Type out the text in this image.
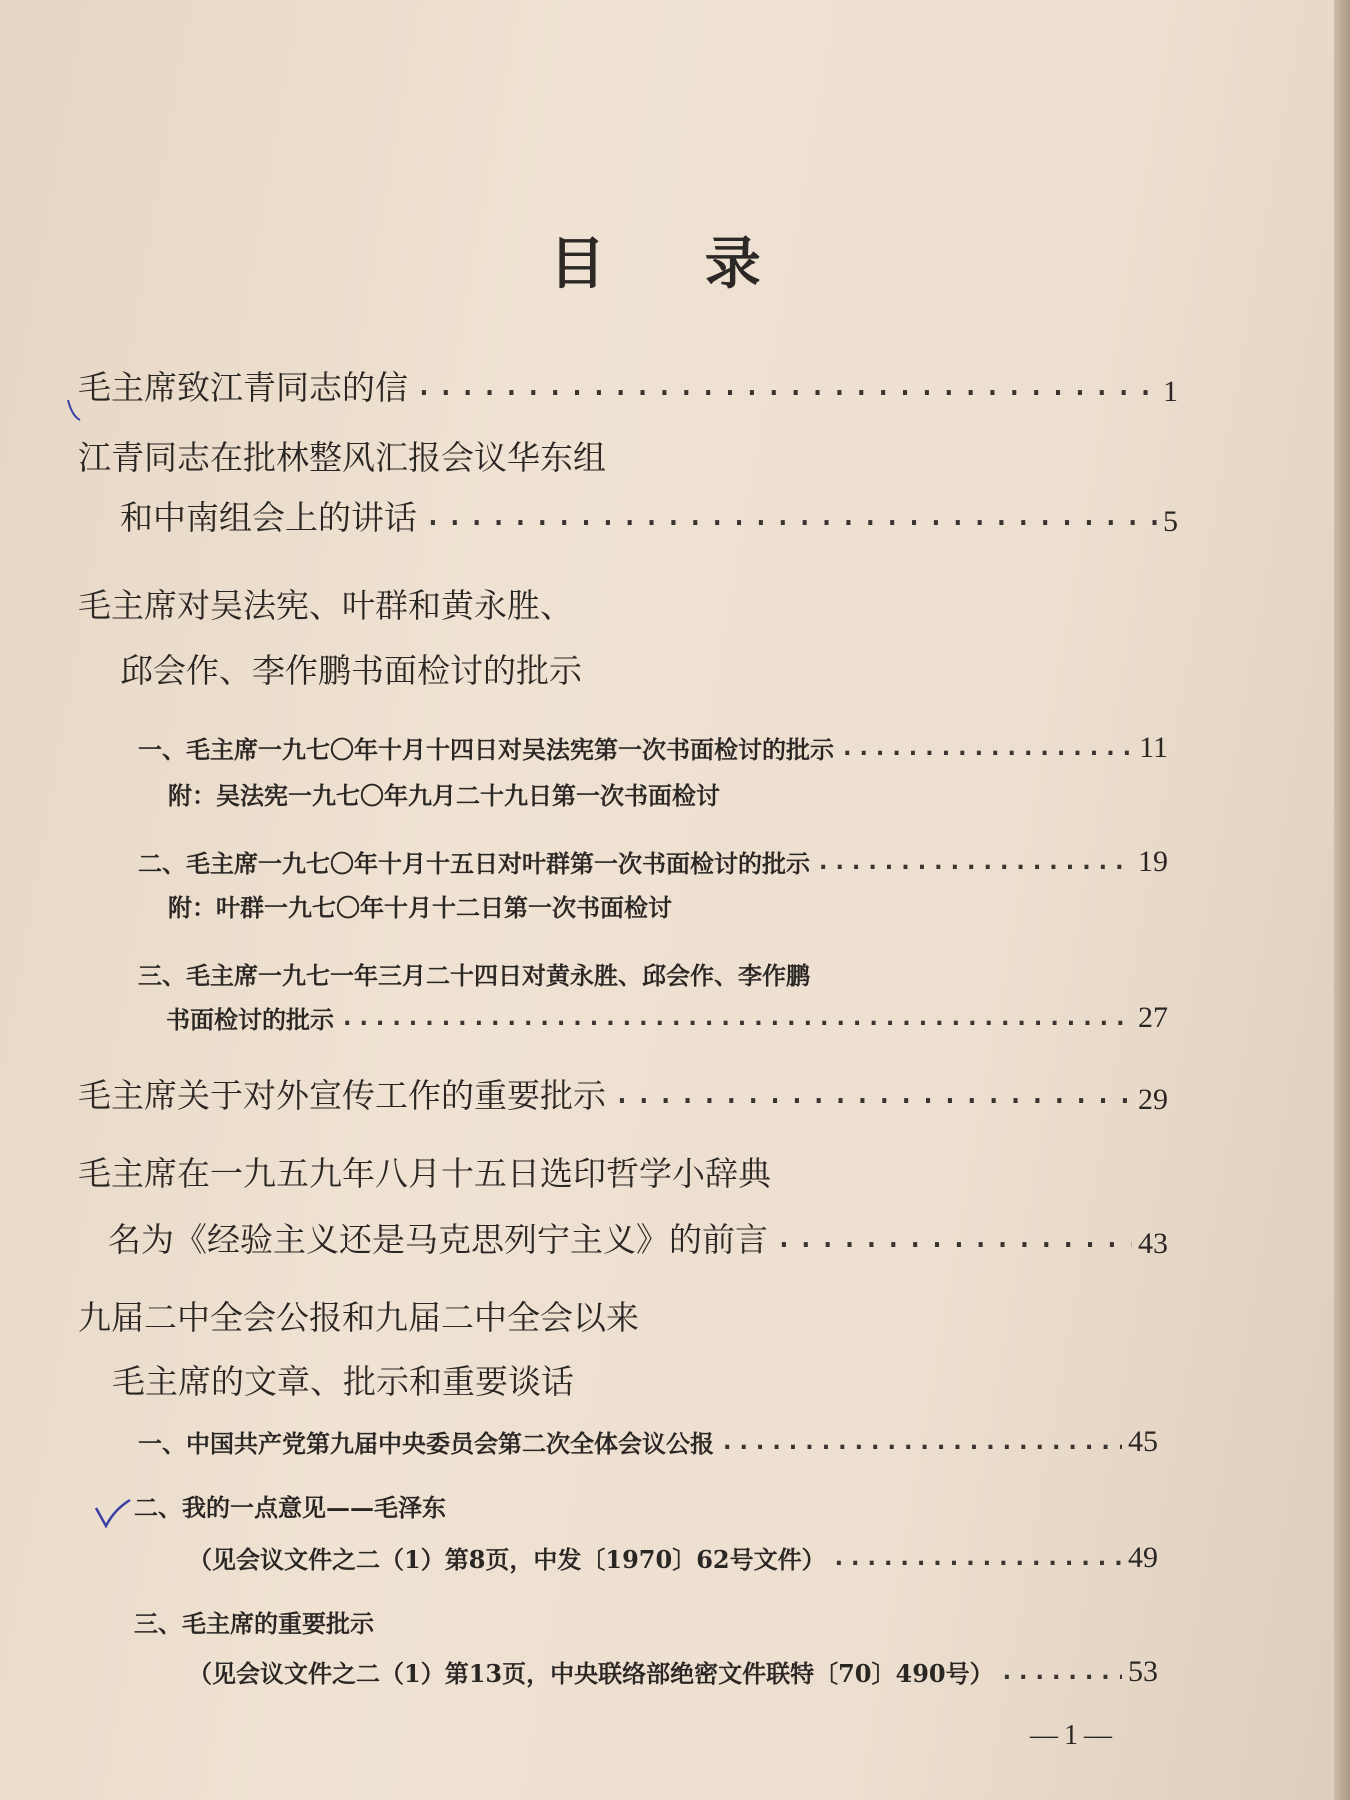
目 录
毛主席致江青同志的信 ·····	1
江青同志在批林整风汇报会议华东组
和中南组会上的讲话 ·····	5
毛主席对吴法宪、叶群和黄永胜、
邱会作、李作鹏书面检讨的批示
一、毛主席一九七〇年十月十四日对吴法宪第一次书面检讨的批示 ·····	11
附：吴法宪一九七〇年九月二十九日第一次书面检讨
二、毛主席一九七〇年十月十五日对叶群第一次书面检讨的批示 ·····	19
附：叶群一九七〇年十月十二日第一次书面检讨
三、毛主席一九七一年三月二十四日对黄永胜、邱会作、李作鹏
书面检讨的批示 ·····	27
毛主席关于对外宣传工作的重要批示 ·····	29
毛主席在一九五九年八月十五日选印哲学小辞典
名为《经验主义还是马克思列宁主义》的前言 ·····	43
九届二中全会公报和九届二中全会以来
毛主席的文章、批示和重要谈话
一、中国共产党第九届中央委员会第二次全体会议公报 ·····	45
二、我的一点意见——毛泽东
（见会议文件之二（1）第8页，中发〔1970〕62号文件） ·····	49
三、毛主席的重要批示
（见会议文件之二（1）第13页，中央联络部绝密文件联特〔70〕490号） ·····	53
—1—
